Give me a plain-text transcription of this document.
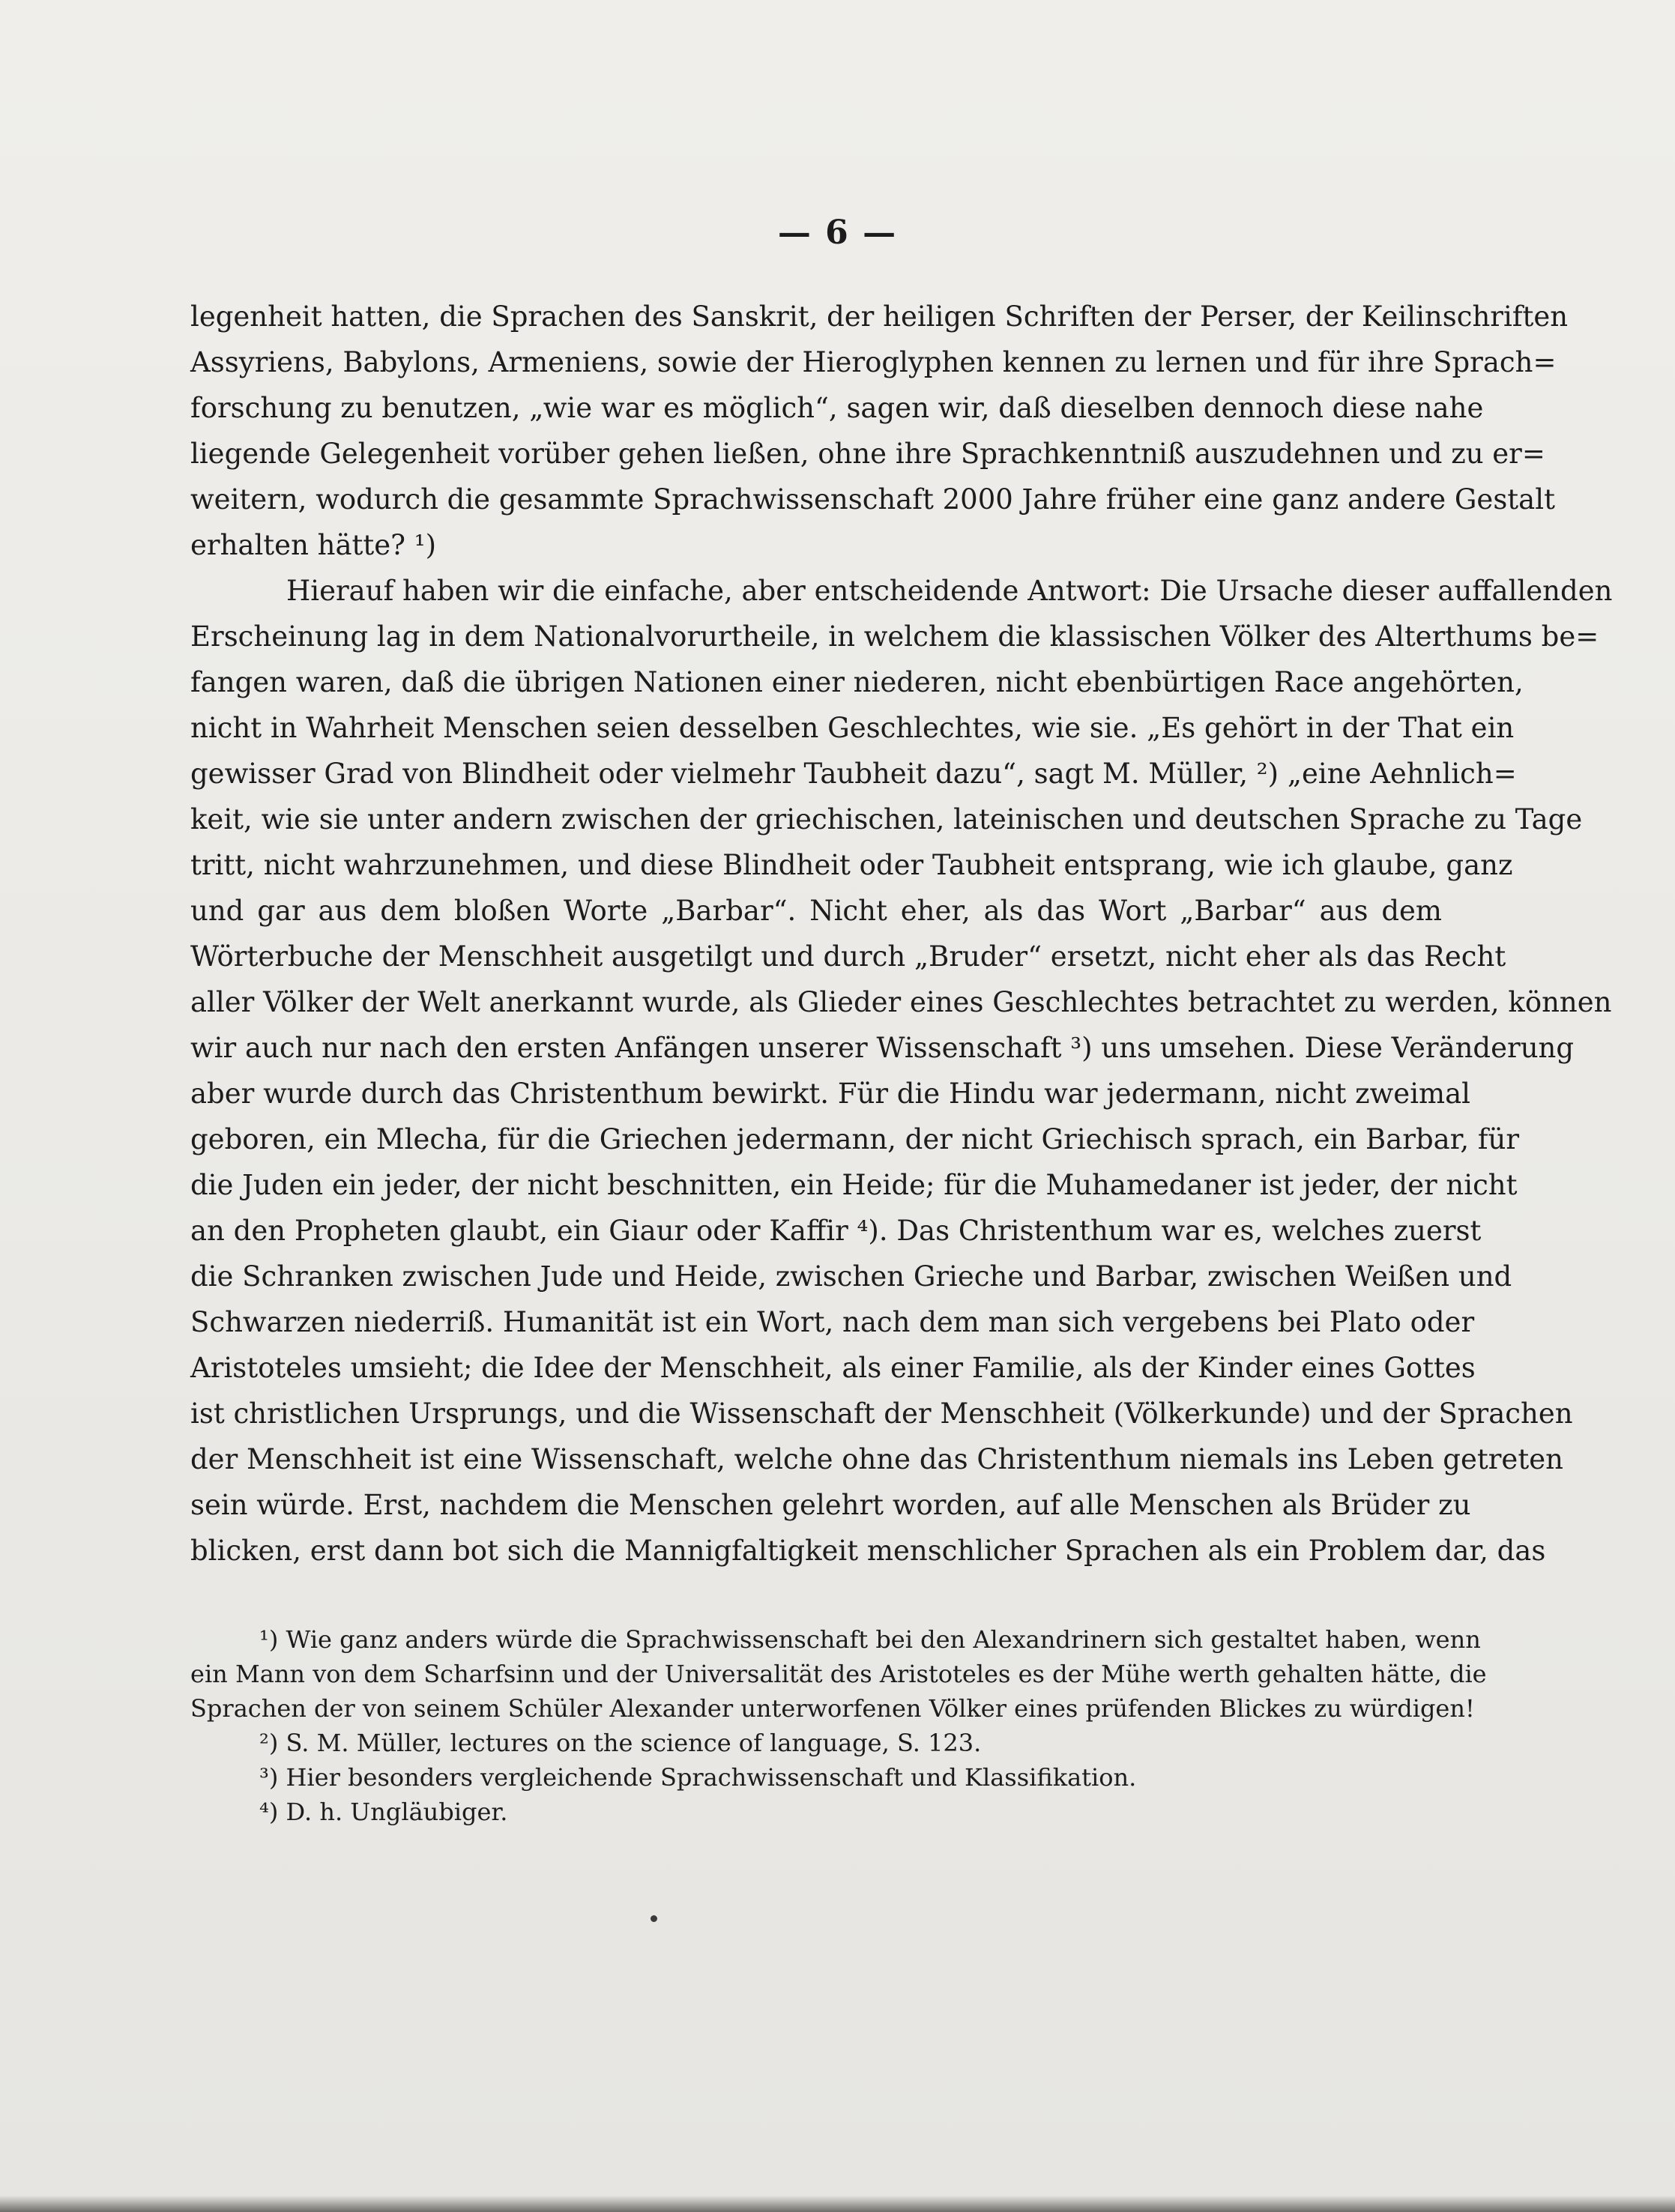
— 6 —
legenheit hatten, die Sprachen des Sanskrit, der heiligen Schriften der Perser, der Keilinschriften
Assyriens, Babylons, Armeniens, sowie der Hieroglyphen kennen zu lernen und für ihre Sprach=
forschung zu benutzen, „wie war es möglich“, sagen wir, daß dieselben dennoch diese nahe
liegende Gelegenheit vorüber gehen ließen, ohne ihre Sprachkenntniß auszudehnen und zu er=
weitern, wodurch die gesammte Sprachwissenschaft 2000 Jahre früher eine ganz andere Gestalt
erhalten hätte? ¹)
Hierauf haben wir die einfache, aber entscheidende Antwort: Die Ursache dieser auffallenden
Erscheinung lag in dem Nationalvorurtheile, in welchem die klassischen Völker des Alterthums be=
fangen waren, daß die übrigen Nationen einer niederen, nicht ebenbürtigen Race angehörten,
nicht in Wahrheit Menschen seien desselben Geschlechtes, wie sie. „Es gehört in der That ein
gewisser Grad von Blindheit oder vielmehr Taubheit dazu“, sagt M. Müller, ²) „eine Aehnlich=
keit, wie sie unter andern zwischen der griechischen, lateinischen und deutschen Sprache zu Tage
tritt, nicht wahrzunehmen, und diese Blindheit oder Taubheit entsprang, wie ich glaube, ganz
und gar aus dem bloßen Worte „Barbar“. Nicht eher, als das Wort „Barbar“ aus dem
Wörterbuche der Menschheit ausgetilgt und durch „Bruder“ ersetzt, nicht eher als das Recht
aller Völker der Welt anerkannt wurde, als Glieder eines Geschlechtes betrachtet zu werden, können
wir auch nur nach den ersten Anfängen unserer Wissenschaft ³) uns umsehen. Diese Veränderung
aber wurde durch das Christenthum bewirkt. Für die Hindu war jedermann, nicht zweimal
geboren, ein Mlecha, für die Griechen jedermann, der nicht Griechisch sprach, ein Barbar, für
die Juden ein jeder, der nicht beschnitten, ein Heide; für die Muhamedaner ist jeder, der nicht
an den Propheten glaubt, ein Giaur oder Kaffir ⁴). Das Christenthum war es, welches zuerst
die Schranken zwischen Jude und Heide, zwischen Grieche und Barbar, zwischen Weißen und
Schwarzen niederriß. Humanität ist ein Wort, nach dem man sich vergebens bei Plato oder
Aristoteles umsieht; die Idee der Menschheit, als einer Familie, als der Kinder eines Gottes
ist christlichen Ursprungs, und die Wissenschaft der Menschheit (Völkerkunde) und der Sprachen
der Menschheit ist eine Wissenschaft, welche ohne das Christenthum niemals ins Leben getreten
sein würde. Erst, nachdem die Menschen gelehrt worden, auf alle Menschen als Brüder zu
blicken, erst dann bot sich die Mannigfaltigkeit menschlicher Sprachen als ein Problem dar, das
¹) Wie ganz anders würde die Sprachwissenschaft bei den Alexandrinern sich gestaltet haben, wenn
ein Mann von dem Scharfsinn und der Universalität des Aristoteles es der Mühe werth gehalten hätte, die
Sprachen der von seinem Schüler Alexander unterworfenen Völker eines prüfenden Blickes zu würdigen!
²) S. M. Müller, lectures on the science of language, S. 123.
³) Hier besonders vergleichende Sprachwissenschaft und Klassifikation.
⁴) D. h. Ungläubiger.
